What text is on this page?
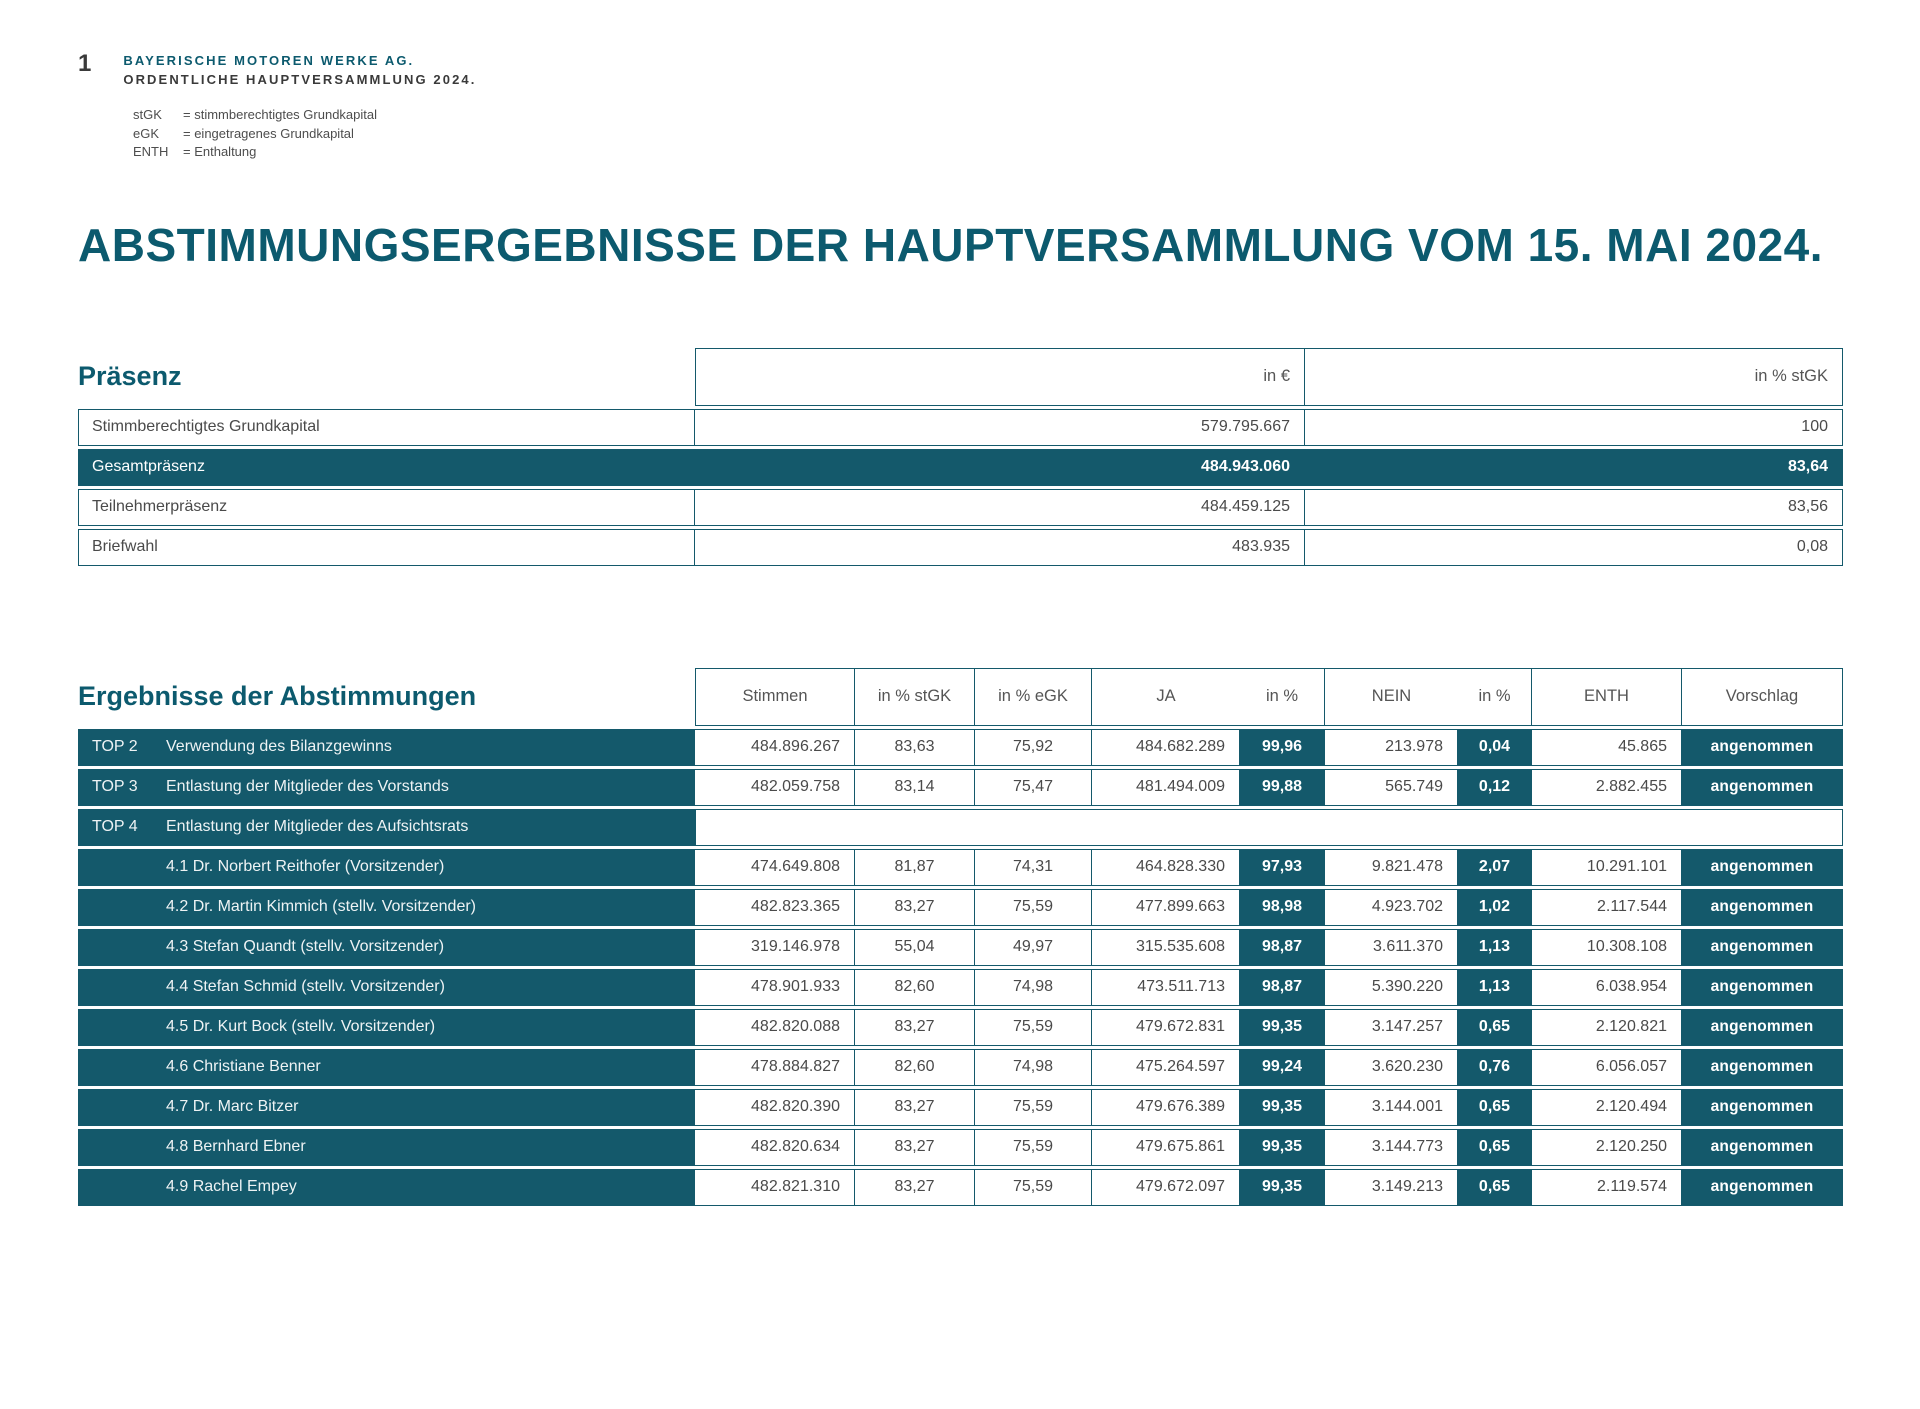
1 BAYERISCHE MOTOREN WERKE AG.
ORDENTLICHE HAUPTVERSAMMLUNG 2024.
stGK	= stimmberechtigtes Grundkapital
eGK	= eingetragenes Grundkapital
ENTH	= Enthaltung
ABSTIMMUNGSERGEBNISSE DER HAUPTVERSAMMLUNG VOM 15. MAI 2024.
Präsenz	in €	in % stGK
Stimmberechtigtes Grundkapital	579.795.667	100
Gesamtpräsenz	484.943.060	83,64
Teilnehmerpräsenz	484.459.125	83,56
Briefwahl	483.935	0,08
Ergebnisse der Abstimmungen	Stimmen	in % stGK	in % eGK	JA	in %	NEIN	in %	ENTH	Vorschlag

TOP 2 Verwendung des Bilanzgewinns	484.896.267	83,63	75,92	484.682.289	99,96	213.978	0,04	45.865	angenommen

TOP 3 Entlastung der Mitglieder des Vorstands	482.059.758	83,14	75,47	481.494.009	99,88	565.749	0,12	2.882.455	angenommen

TOP 4 Entlastung der Mitglieder des Aufsichtsrats									

4.1 Dr. Norbert Reithofer (Vorsitzender)	474.649.808	81,87	74,31	464.828.330	97,93	9.821.478	2,07	10.291.101	angenommen

4.2 Dr. Martin Kimmich (stellv. Vorsitzender)	482.823.365	83,27	75,59	477.899.663	98,98	4.923.702	1,02	2.117.544	angenommen

4.3 Stefan Quandt (stellv. Vorsitzender)	319.146.978	55,04	49,97	315.535.608	98,87	3.611.370	1,13	10.308.108	angenommen

4.4 Stefan Schmid (stellv. Vorsitzender)	478.901.933	82,60	74,98	473.511.713	98,87	5.390.220	1,13	6.038.954	angenommen

4.5 Dr. Kurt Bock (stellv. Vorsitzender)	482.820.088	83,27	75,59	479.672.831	99,35	3.147.257	0,65	2.120.821	angenommen

4.6 Christiane Benner	478.884.827	82,60	74,98	475.264.597	99,24	3.620.230	0,76	6.056.057	angenommen

4.7 Dr. Marc Bitzer	482.820.390	83,27	75,59	479.676.389	99,35	3.144.001	0,65	2.120.494	angenommen

4.8 Bernhard Ebner	482.820.634	83,27	75,59	479.675.861	99,35	3.144.773	0,65	2.120.250	angenommen

4.9 Rachel Empey	482.821.310	83,27	75,59	479.672.097	99,35	3.149.213	0,65	2.119.574	angenommen
